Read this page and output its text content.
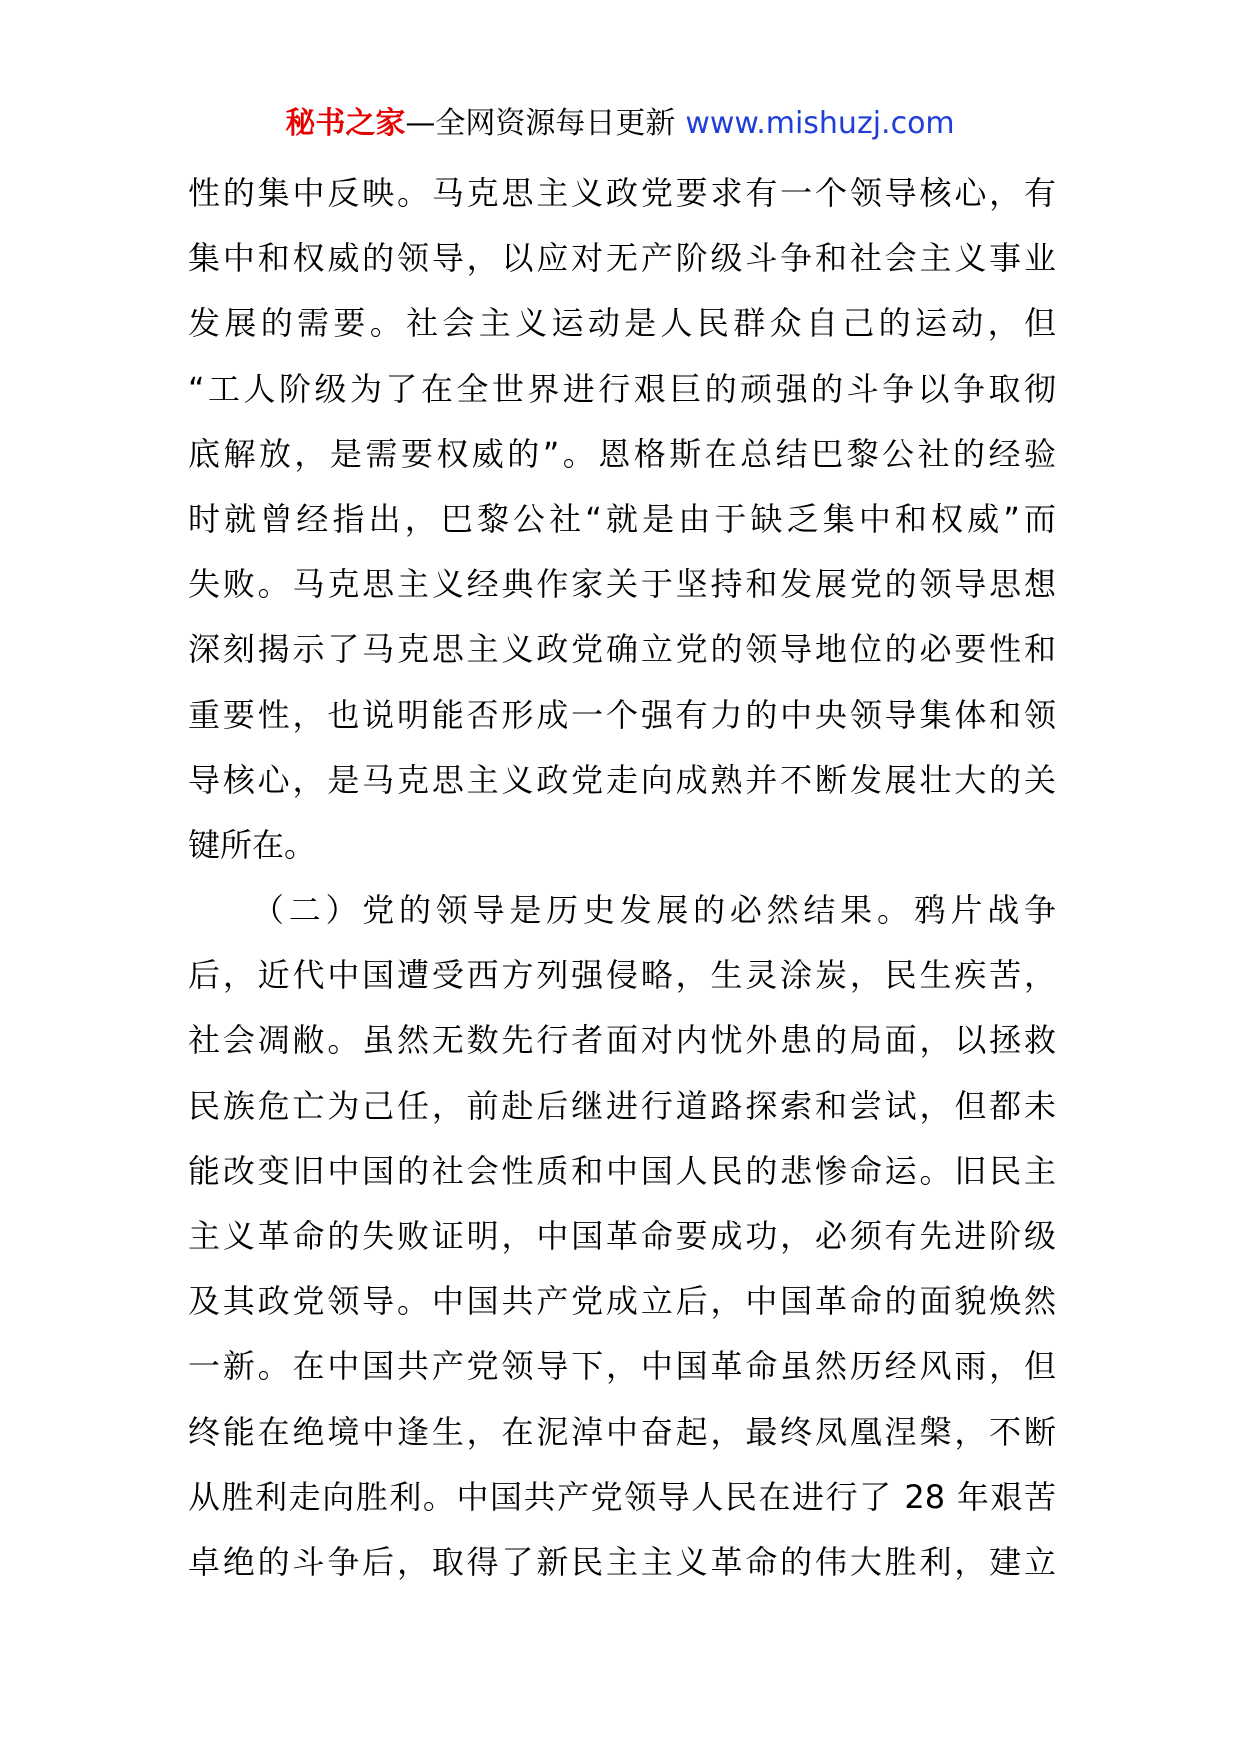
秘书之家—全网资源每日更新 www.mishuzj.com
性的集中反映。马克思主义政党要求有一个领导核心，有
集中和权威的领导，以应对无产阶级斗争和社会主义事业
发展的需要。社会主义运动是人民群众自己的运动，但
“工人阶级为了在全世界进行艰巨的顽强的斗争以争取彻
底解放，是需要权威的”。恩格斯在总结巴黎公社的经验
时就曾经指出，巴黎公社“就是由于缺乏集中和权威”而
失败。马克思主义经典作家关于坚持和发展党的领导思想
深刻揭示了马克思主义政党确立党的领导地位的必要性和
重要性，也说明能否形成一个强有力的中央领导集体和领
导核心，是马克思主义政党走向成熟并不断发展壮大的关
键所在。
（二）党的领导是历史发展的必然结果。鸦片战争
后，近代中国遭受西方列强侵略，生灵涂炭，民生疾苦，
社会凋敝。虽然无数先行者面对内忧外患的局面，以拯救
民族危亡为己任，前赴后继进行道路探索和尝试，但都未
能改变旧中国的社会性质和中国人民的悲惨命运。旧民主
主义革命的失败证明，中国革命要成功，必须有先进阶级
及其政党领导。中国共产党成立后，中国革命的面貌焕然
一新。在中国共产党领导下，中国革命虽然历经风雨，但
终能在绝境中逢生，在泥淖中奋起，最终凤凰涅槃，不断
从胜利走向胜利。中国共产党领导人民在进行了 28 年艰苦
卓绝的斗争后，取得了新民主主义革命的伟大胜利，建立
